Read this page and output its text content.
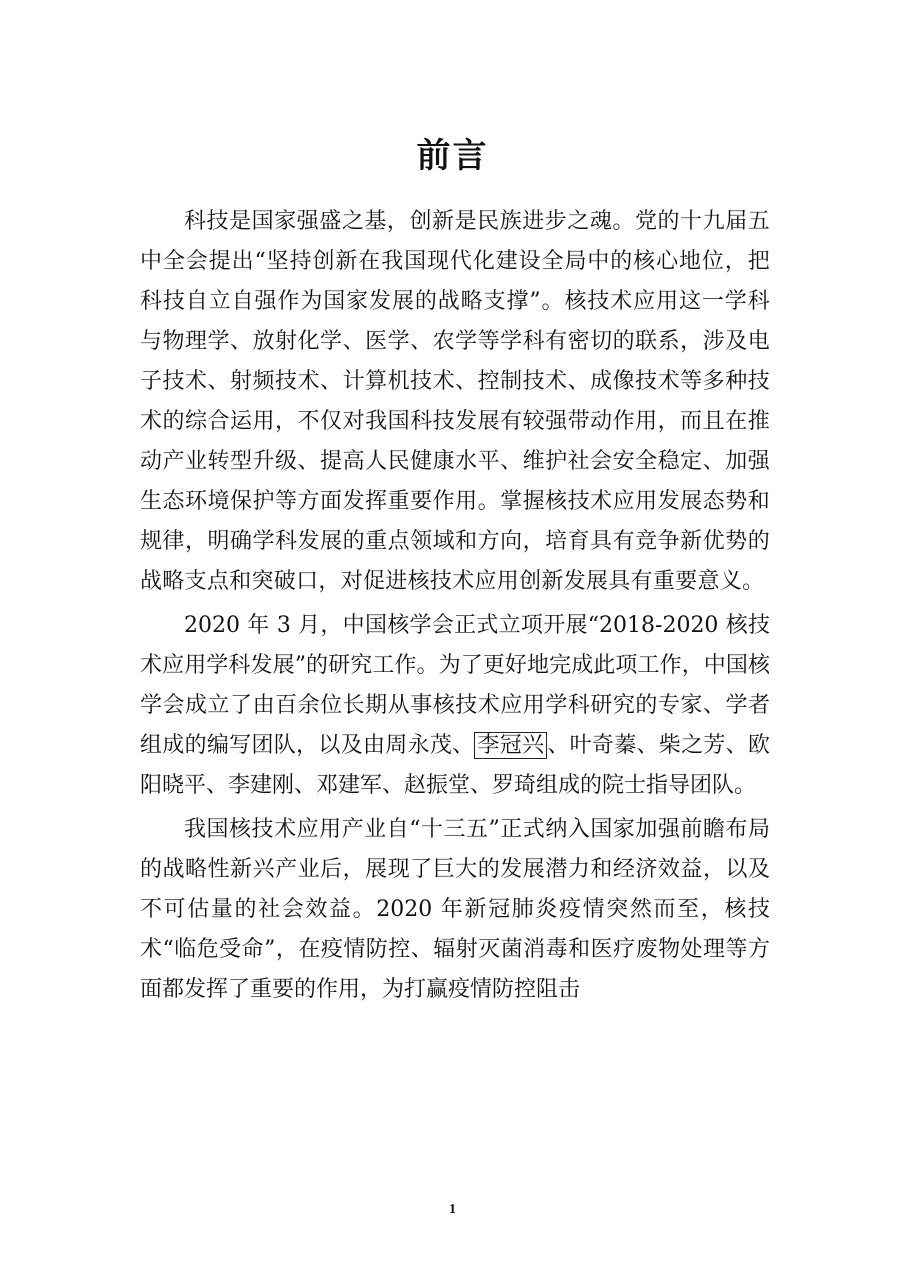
前言

科技是国家强盛之基，创新是民族进步之魂。党的十九届五中全会提出“坚持创新在我国现代化建设全局中的核心地位，把科技自立自强作为国家发展的战略支撑”。核技术应用这一学科与物理学、放射化学、医学、农学等学科有密切的联系，涉及电子技术、射频技术、计算机技术、控制技术、成像技术等多种技术的综合运用，不仅对我国科技发展有较强带动作用，而且在推动产业转型升级、提高人民健康水平、维护社会安全稳定、加强生态环境保护等方面发挥重要作用。掌握核技术应用发展态势和规律，明确学科发展的重点领域和方向，培育具有竞争新优势的战略支点和突破口，对促进核技术应用创新发展具有重要意义。

2020 年 3 月，中国核学会正式立项开展“2018-2020 核技术应用学科发展”的研究工作。为了更好地完成此项工作，中国核学会成立了由百余位长期从事核技术应用学科研究的专家、学者组成的编写团队，以及由周永茂、 李冠兴 、叶奇蓁、柴之芳、欧阳晓平、李建刚、邓建军、赵振堂、罗琦组成的院士指导团队。

我国核技术应用产业自“十三五”正式纳入国家加强前瞻布局的战略性新兴产业后，展现了巨大的发展潜力和经济效益，以及不可估量的社会效益。2020 年新冠肺炎疫情突然而至，核技术“临危受命”，在疫情防控、辐射灭菌消毒和医疗废物处理等方面都发挥了重要的作用，为打赢疫情防控阻击

1
